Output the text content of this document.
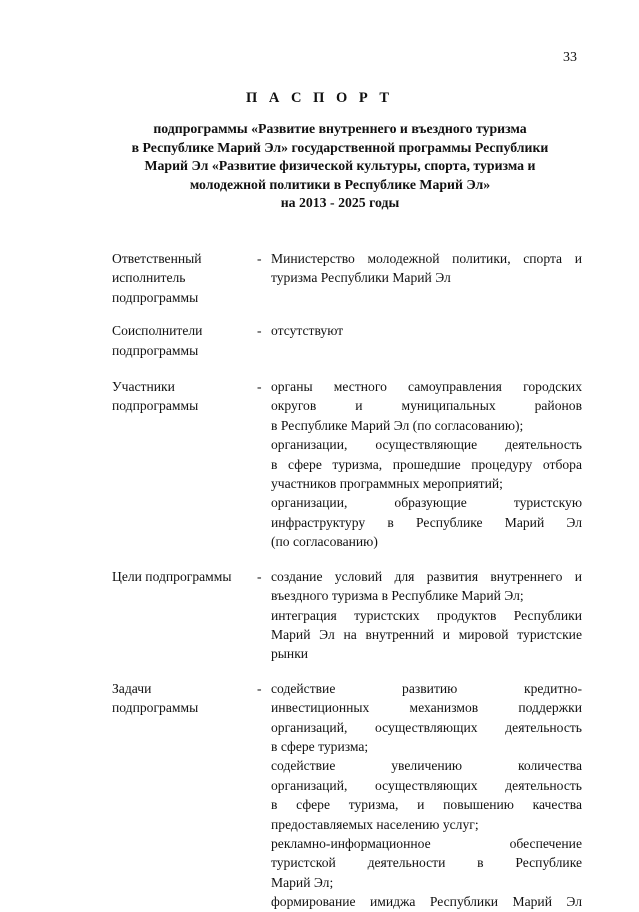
33
П А С П О Р Т
подпрограммы «Развитие внутреннего и въездного туризма
в Республике Марий Эл» государственной программы Республики
Марий Эл «Развитие физической культуры, спорта, туризма и
молодежной политики в Республике Марий Эл»
на 2013 - 2025 годы
Ответственный
исполнитель
подпрограммы
- Министерство молодежной политики, спорта и
туризма Республики Марий Эл

Соисполнители
подпрограммы
- отсутствуют

Участники
подпрограммы
- органы местного самоуправления городских
округов и муниципальных районов
в Республике Марий Эл (по согласованию);
организации, осуществляющие деятельность
в сфере туризма, прошедшие процедуру отбора
участников программных мероприятий;
организации, образующие туристскую
инфраструктуру в Республике Марий Эл
(по согласованию)
Цели подпрограммы	- создание условий для развития внутреннего и
въездного туризма в Республике Марий Эл;
интеграция туристских продуктов Республики
Марий Эл на внутренний и мировой туристские
рынки
Задачи
подпрограммы
- содействие развитию кредитно-
инвестиционных механизмов поддержки
организаций, осуществляющих деятельность
в сфере туризма;
содействие увеличению количества
организаций, осуществляющих деятельность
в сфере туризма, и повышению качества
предоставляемых населению услуг;
рекламно-информационное обеспечение
туристской деятельности в Республике
Марий Эл;
формирование имиджа Республики Марий Эл
